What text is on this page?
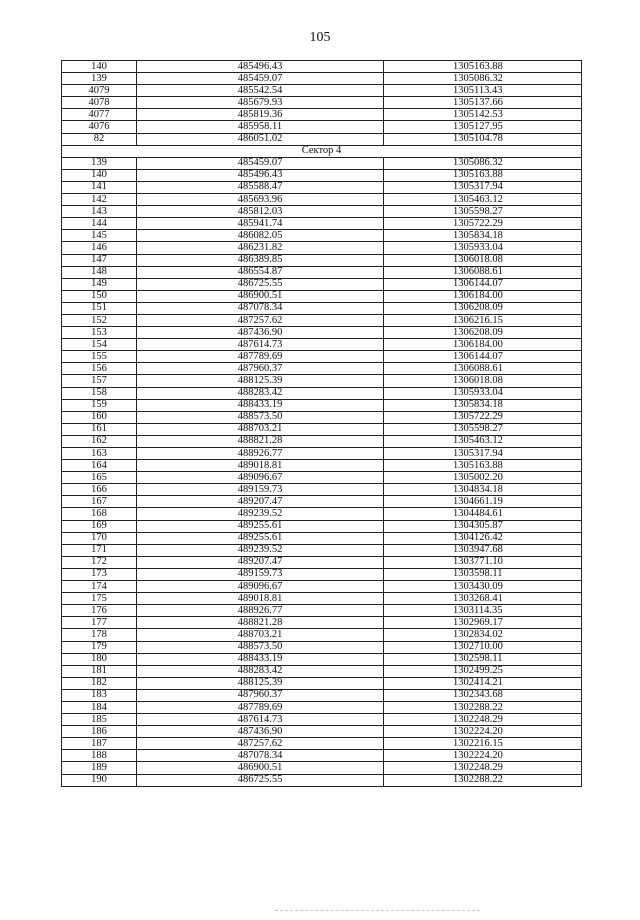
105
140	485496.43	1305163.88
139	485459.07	1305086.32
4079	485542.54	1305113.43
4078	485679.93	1305137.66
4077	485819.36	1305142.53
4076	485958.11	1305127.95
82	486051.02	1305104.78
Сектор 4		
139	485459.07	1305086.32
140	485496.43	1305163.88
141	485588.47	1305317.94
142	485693.96	1305463.12
143	485812.03	1305598.27
144	485941.74	1305722.29
145	486082.05	1305834.18
146	486231.82	1305933.04
147	486389.85	1306018.08
148	486554.87	1306088.61
149	486725.55	1306144.07
150	486900.51	1306184.00
151	487078.34	1306208.09
152	487257.62	1306216.15
153	487436.90	1306208.09
154	487614.73	1306184.00
155	487789.69	1306144.07
156	487960.37	1306088.61
157	488125.39	1306018.08
158	488283.42	1305933.04
159	488433.19	1305834.18
160	488573.50	1305722.29
161	488703.21	1305598.27
162	488821.28	1305463.12
163	488926.77	1305317.94
164	489018.81	1305163.88
165	489096.67	1305002.20
166	489159.73	1304834.18
167	489207.47	1304661.19
168	489239.52	1304484.61
169	489255.61	1304305.87
170	489255.61	1304126.42
171	489239.52	1303947.68
172	489207.47	1303771.10
173	489159.73	1303598.11
174	489096.67	1303430.09
175	489018.81	1303268.41
176	488926.77	1303114.35
177	488821.28	1302969.17
178	488703.21	1302834.02
179	488573.50	1302710.00
180	488433.19	1302598.11
181	488283.42	1302499.25
182	488125.39	1302414.21
183	487960.37	1302343.68
184	487789.69	1302288.22
185	487614.73	1302248.29
186	487436.90	1302224.20
187	487257.62	1302216.15
188	487078.34	1302224.20
189	486900.51	1302248.29
190	486725.55	1302288.22
